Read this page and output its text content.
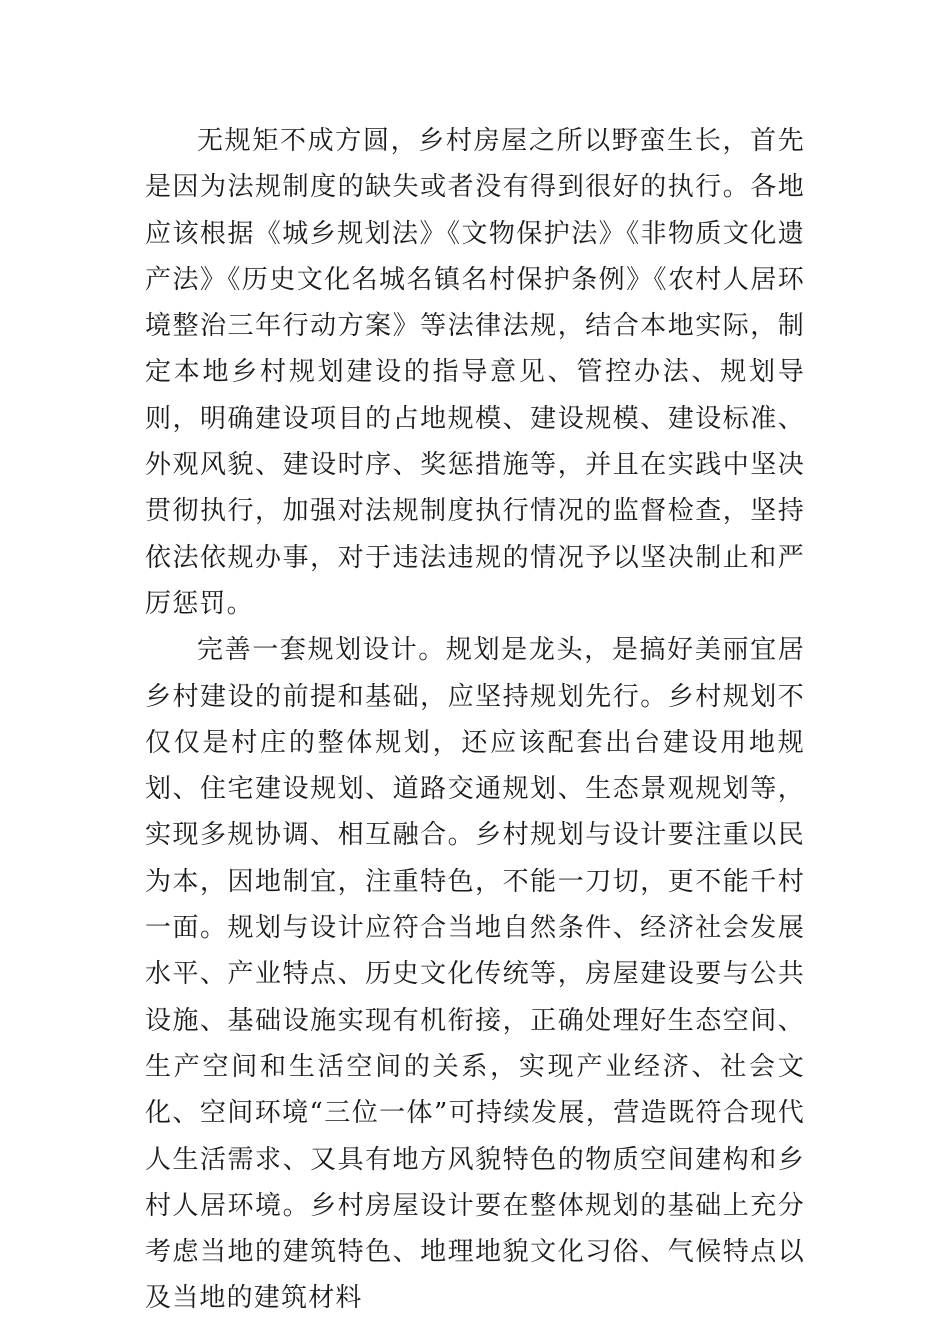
无规矩不成方圆，乡村房屋之所以野蛮生长，首先是因为法规制度的缺失或者没有得到很好的执行。各地应该根据《城乡规划法》《文物保护法》《非物质文化遗产法》《历史文化名城名镇名村保护条例》《农村人居环境整治三年行动方案》等法律法规，结合本地实际，制定本地乡村规划建设的指导意见、管控办法、规划导则，明确建设项目的占地规模、建设规模、建设标准、外观风貌、建设时序、奖惩措施等，并且在实践中坚决贯彻执行，加强对法规制度执行情况的监督检查，坚持依法依规办事，对于违法违规的情况予以坚决制止和严厉惩罚。

完善一套规划设计。规划是龙头，是搞好美丽宜居乡村建设的前提和基础，应坚持规划先行。乡村规划不仅仅是村庄的整体规划，还应该配套出台建设用地规划、住宅建设规划、道路交通规划、生态景观规划等，实现多规协调、相互融合。乡村规划与设计要注重以民为本，因地制宜，注重特色，不能一刀切，更不能千村一面。规划与设计应符合当地自然条件、经济社会发展水平、产业特点、历史文化传统等，房屋建设要与公共设施、基础设施实现有机衔接，正确处理好生态空间、生产空间和生活空间的关系，实现产业经济、社会文化、空间环境“三位一体”可持续发展，营造既符合现代人生活需求、又具有地方风貌特色的物质空间建构和乡村人居环境。乡村房屋设计要在整体规划的基础上充分考虑当地的建筑特色、地理地貌文化习俗、气候特点以及当地的建筑材料
